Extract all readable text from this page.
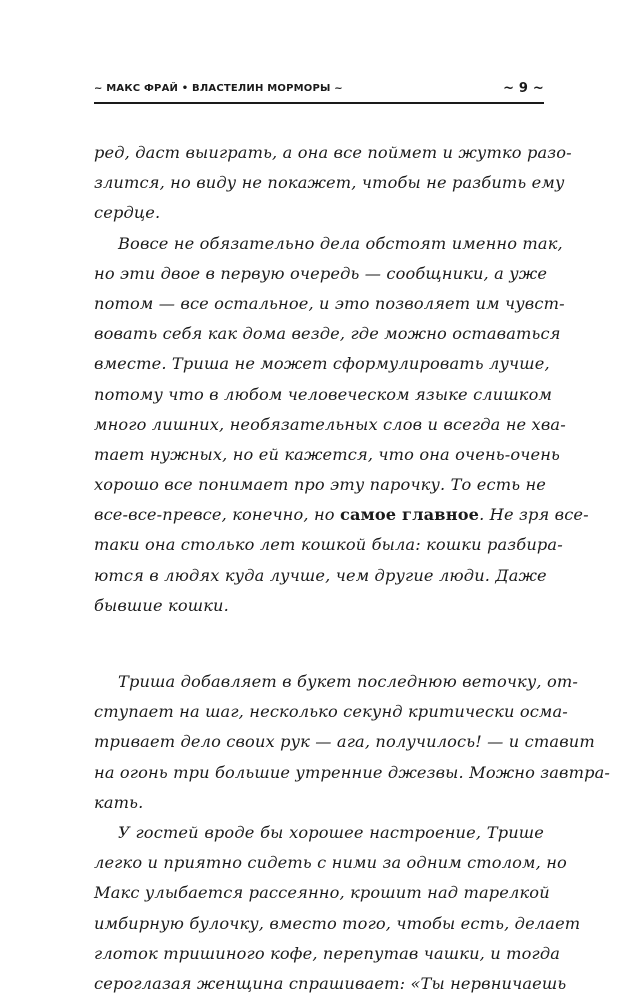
~ МАКС ФРАЙ • ВЛАСТЕЛИН МОРМОРЫ ~	~ 9 ~
ред, даст выиграть, а она все поймет и жутко разо-
злится, но виду не покажет, чтобы не разбить ему
сердце.
Вовсе не обязательно дела обстоят именно так,
но эти двое в первую очередь — сообщники, а уже
потом — все остальное, и это позволяет им чувст-
вовать себя как дома везде, где можно оставаться
вместе. Триша не может сформулировать лучше,
потому что в любом человеческом языке слишком
много лишних, необязательных слов и всегда не хва-
тает нужных, но ей кажется, что она очень-очень
хорошо все понимает про эту парочку. То есть не
все-все-превсе, конечно, но самое главное. Не зря все-
таки она столько лет кошкой была: кошки разбира-
ются в людях куда лучше, чем другие люди. Даже
бывшие кошки.
Триша добавляет в букет последнюю веточку, от-
ступает на шаг, несколько секунд критически осма-
тривает дело своих рук — ага, получилось! — и ставит
на огонь три большие утренние джезвы. Можно завтра-
кать.
У гостей вроде бы хорошее настроение, Трише
легко и приятно сидеть с ними за одним столом, но
Макс улыбается рассеянно, крошит над тарелкой
имбирную булочку, вместо того, чтобы есть, делает
глоток тришиного кофе, перепутав чашки, и тогда
сероглазая женщина спрашивает: «Ты нервничаешь
